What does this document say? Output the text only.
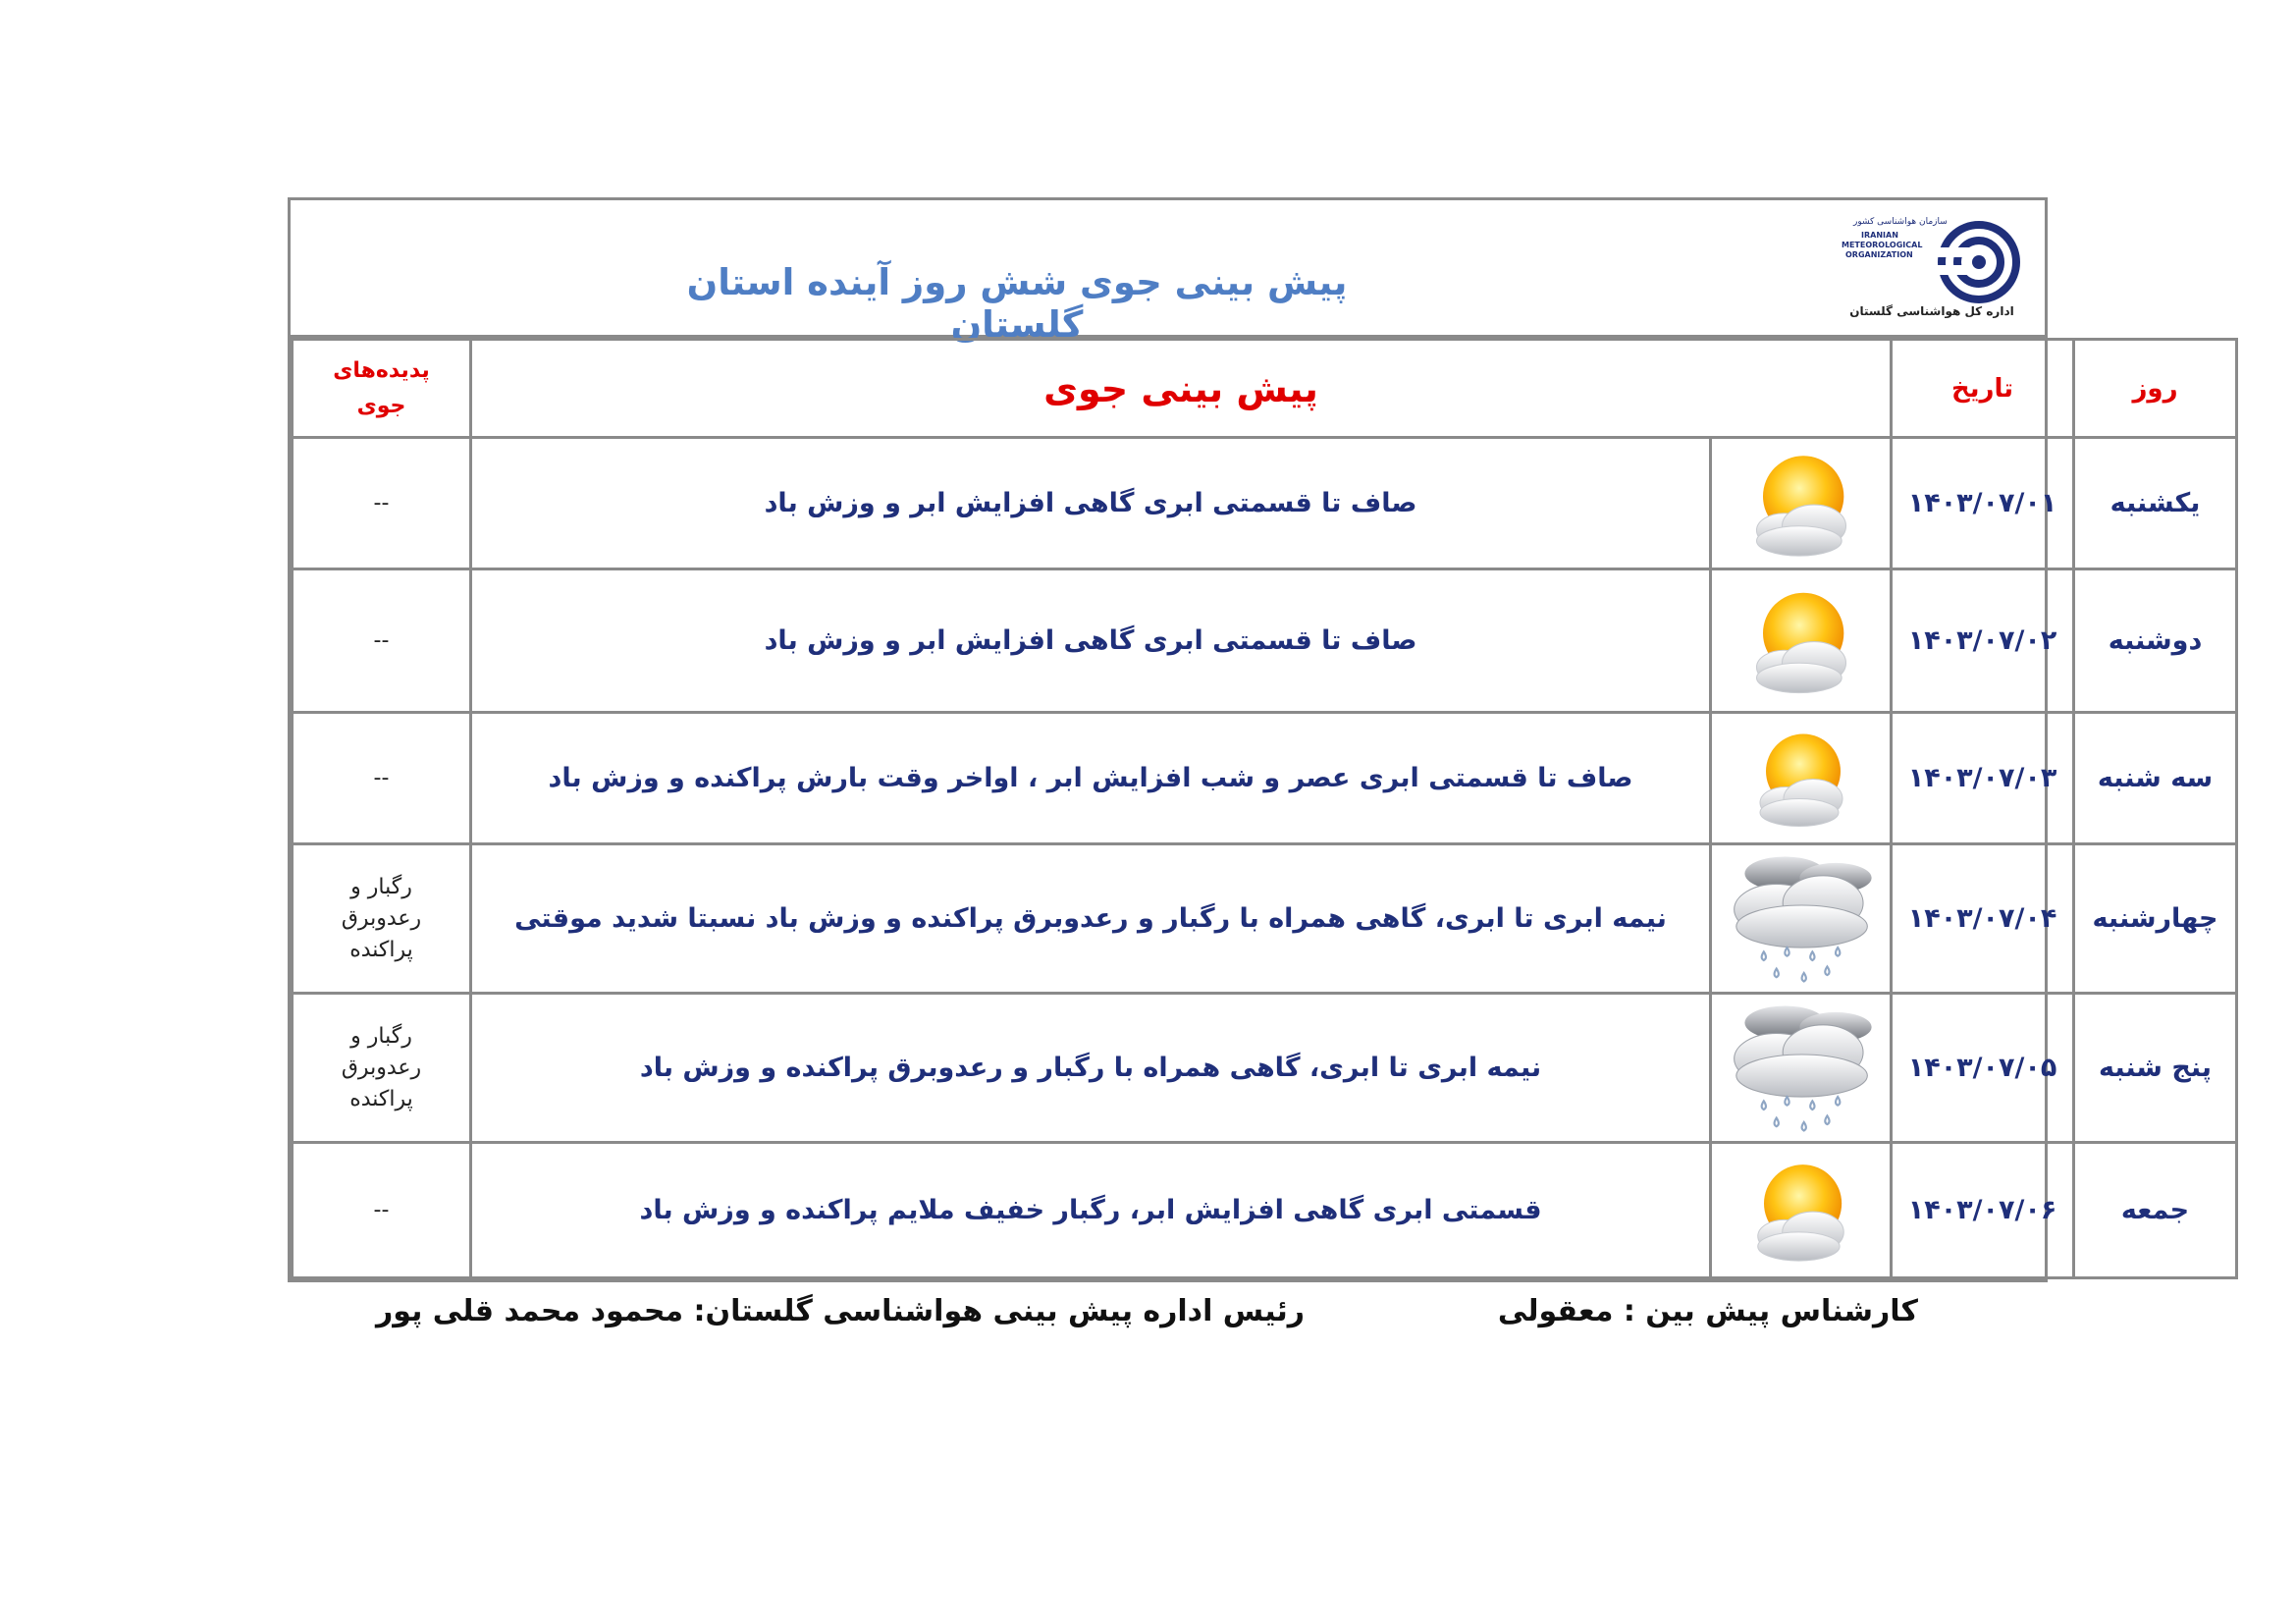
پیش بینی جوی شش روز آینده استان گلستان
سازمان هواشناسی کشور
IRANIAN
METEOROLOGICAL
ORGANIZATION
اداره کل هواشناسی گلستان
روز	تاریخ	پیش بینی جوی		پدیده‌های
جوی

یکشنبه	۱۴۰۳/۰۷/۰۱		صاف تا قسمتی ابری گاهی افزایش ابر و وزش باد	--
دوشنبه	۱۴۰۳/۰۷/۰۲		صاف تا قسمتی ابری گاهی افزایش ابر و وزش باد	--
سه شنبه	۱۴۰۳/۰۷/۰۳		صاف تا قسمتی ابری عصر و شب افزایش ابر ، اواخر وقت بارش پراکنده و وزش باد	--
چهارشنبه	۱۴۰۳/۰۷/۰۴		نیمه ابری تا ابری، گاهی همراه با رگبار و رعدوبرق پراکنده و وزش باد نسبتا شدید موقتی	رگبار و رعدوبرق پراکنده
پنج شنبه	۱۴۰۳/۰۷/۰۵		نیمه ابری تا ابری، گاهی همراه با رگبار و رعدوبرق پراکنده و وزش باد	رگبار و رعدوبرق پراکنده
جمعه	۱۴۰۳/۰۷/۰۶		قسمتی ابری گاهی افزایش ابر، رگبار خفیف ملایم پراکنده و وزش باد	--
کارشناس پیش بین : معقولی
رئیس اداره پیش بینی هواشناسی گلستان: محمود محمد قلی پور
